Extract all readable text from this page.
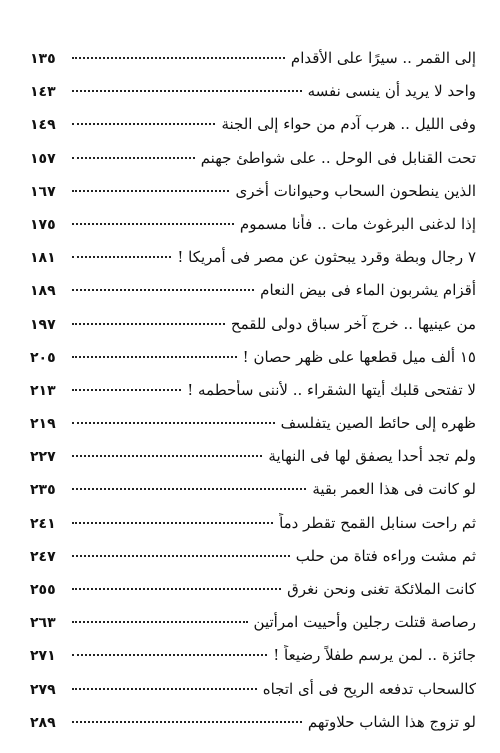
إلى القمر .. سيرًا على الأقدام
١٣٥
واحد لا يريد أن ينسى نفسه
١٤٣
وفى الليل .. هرب آدم من حواء إلى الجنة
١٤٩
تحت القنابل فى الوحل .. على شواطئ جهنم
١٥٧
الذين ينطحون السحاب وحيوانات أخرى
١٦٧
إذا لدغنى البرغوث مات .. فأنا مسموم
١٧٥
٧ رجال وبطة وقرد يبحثون عن مصر فى أمريكا !
١٨١
أقزام يشربون الماء فى بيض النعام
١٨٩
من عينيها .. خرج آخر سباق دولى للقمح
١٩٧
١٥ ألف ميل قطعها على ظهر حصان !
٢٠٥
لا تفتحى قلبك أيتها الشقراء .. لأننى سأحطمه !
٢١٣
ظهره إلى حائط الصين يتفلسف
٢١٩
ولم تجد أحدا يصفق لها فى النهاية
٢٢٧
لو كانت فى هذا العمر بقية
٢٣٥
ثم راحت سنابل القمح تقطر دماً
٢٤١
ثم مشت وراءه فتاة من حلب
٢٤٧
كانت الملائكة تغنى ونحن نغرق
٢٥٥
رصاصة قتلت رجلين وأحييت امرأتين
٢٦٣
جائزة .. لمن يرسم طفلاً رضيعاً !
٢٧١
كالسحاب تدفعه الريح فى أى اتجاه
٢٧٩
لو تزوج هذا الشاب حلاوتهم
٢٨٩
